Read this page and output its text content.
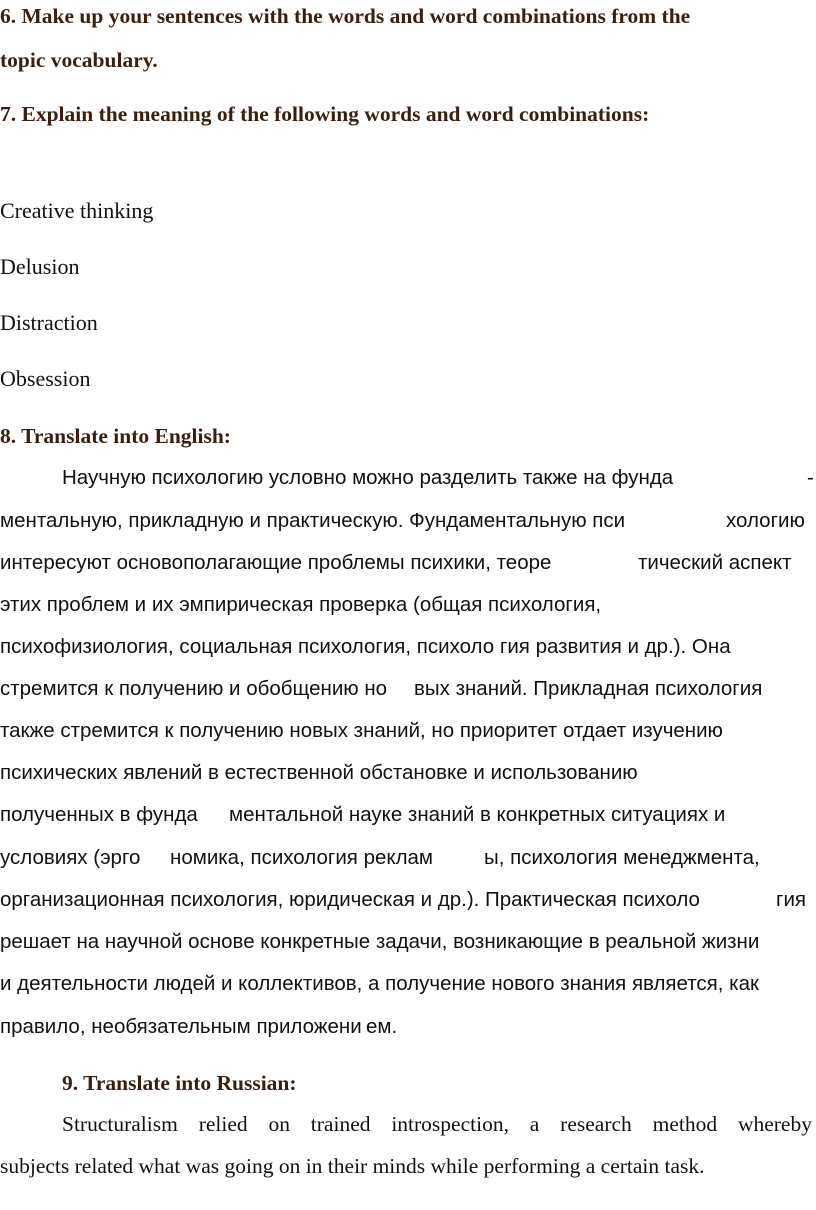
6. Make up your sentences with the words and word combinations from the
topic vocabulary.
7. Explain the meaning of the following words and word combinations:
Creative thinking
Delusion
Distraction
Obsession
8. Translate into English:
Научную психологию условно можно разделить также на фунда	-
ментальную, прикладную и практическую. Фундаментальную пси	хологию
интересуют основополагающие проблемы психики, теоре	тический аспект
этих проблем и их эмпирическая проверка (общая психология,
психофизиология, социальная психология, психоло гия развития и др.). Она
стремится к получению и обобщению но вых знаний. Прикладная психология
также стремится к получению новых знаний, но приоритет отдает изучению
психических явлений в естественной обстановке и использованию
полученных в фунда ментальной науке знаний в конкретных ситуациях и
условиях (эрго номика, психология реклам ы, психология менеджмента,
организационная психология, юридическая и др.). Практическая психоло	гия
решает на научной основе конкретные задачи, возникающие в реальной жизни
и деятельности людей и коллективов, а получение нового знания является, как
правило, необязательным приложени ем.
9. Translate into Russian:
Structuralism relied on trained introspection, a research method whereby
subjects related what was going on in their minds while performing a certain task.
